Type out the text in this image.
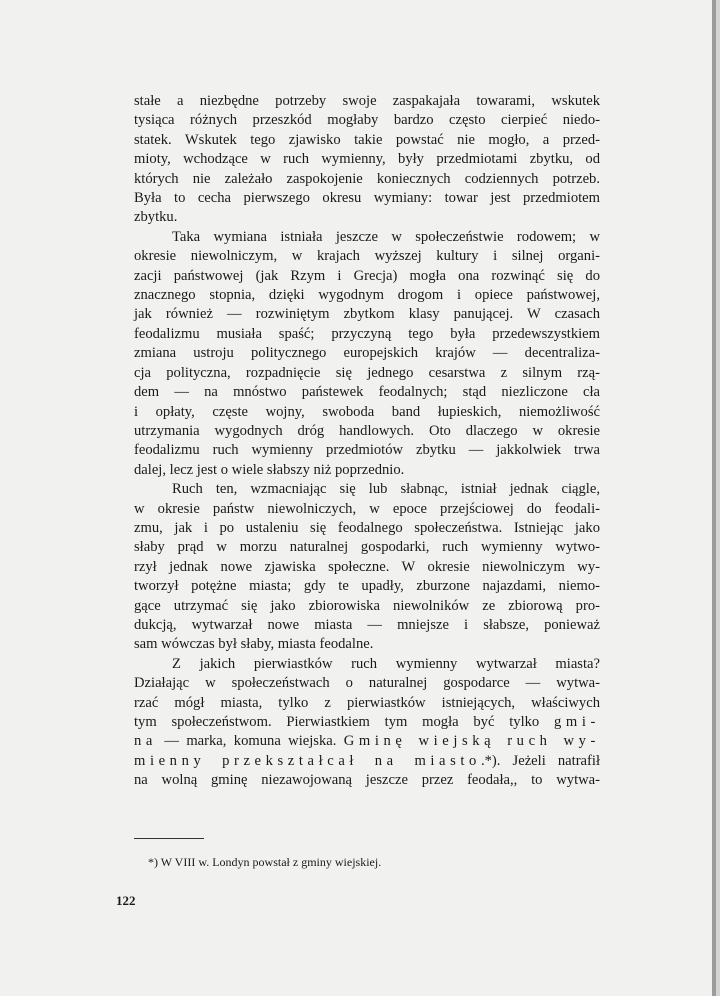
stałe a niezbędne potrzeby swoje zaspakajała towarami, wskutek
tysiąca różnych przeszkód mogłaby bardzo często cierpieć niedo-
statek. Wskutek tego zjawisko takie powstać nie mogło, a przed-
mioty, wchodzące w ruch wymienny, były przedmiotami zbytku, od
których nie zależało zaspokojenie koniecznych codziennych potrzeb.
Była to cecha pierwszego okresu wymiany: towar jest przedmiotem
zbytku.

Taka wymiana istniała jeszcze w społeczeństwie rodowem; w
okresie niewolniczym, w krajach wyższej kultury i silnej organi-
zacji państwowej (jak Rzym i Grecja) mogła ona rozwinąć się do
znacznego stopnia, dzięki wygodnym drogom i opiece państwowej,
jak również — rozwiniętym zbytkom klasy panującej. W czasach
feodalizmu musiała spaść; przyczyną tego była przedewszystkiem
zmiana ustroju politycznego europejskich krajów — decentraliza-
cja polityczna, rozpadnięcie się jednego cesarstwa z silnym rzą-
dem — na mnóstwo państewek feodalnych; stąd niezliczone cła
i opłaty, częste wojny, swoboda band łupieskich, niemożliwość
utrzymania wygodnych dróg handlowych. Oto dlaczego w okresie
feodalizmu ruch wymienny przedmiotów zbytku — jakkolwiek trwa
dalej, lecz jest o wiele słabszy niż poprzednio.

Ruch ten, wzmacniając się lub słabnąc, istniał jednak ciągle,
w okresie państw niewolniczych, w epoce przejściowej do feodali-
zmu, jak i po ustaleniu się feodalnego społeczeństwa. Istniejąc jako
słaby prąd w morzu naturalnej gospodarki, ruch wymienny wytwo-
rzył jednak nowe zjawiska społeczne. W okresie niewolniczym wy-
tworzył potężne miasta; gdy te upadły, zburzone najazdami, niemo-
gące utrzymać się jako zbiorowiska niewolników ze zbiorową pro-
dukcją, wytwarzał nowe miasta — mniejsze i słabsze, ponieważ
sam wówczas był słaby, miasta feodalne.

Z jakich pierwiastków ruch wymienny wytwarzał miasta?
Działając w społeczeństwach o naturalnej gospodarce — wytwa-
rzać mógł miasta, tylko z pierwiastków istniejących, właściwych
tym społeczeństwom. Pierwiastkiem tym mogła być tylko gmi-
na — marka, komuna wiejska. Gminę wiejską ruch wy-
mienny przekształcał na miasto.*). Jeżeli natrafił
na wolną gminę niezawojowaną jeszcze przez feodała,, to wytwa-

*) W VIII w. Londyn powstał z gminy wiejskiej.
122
